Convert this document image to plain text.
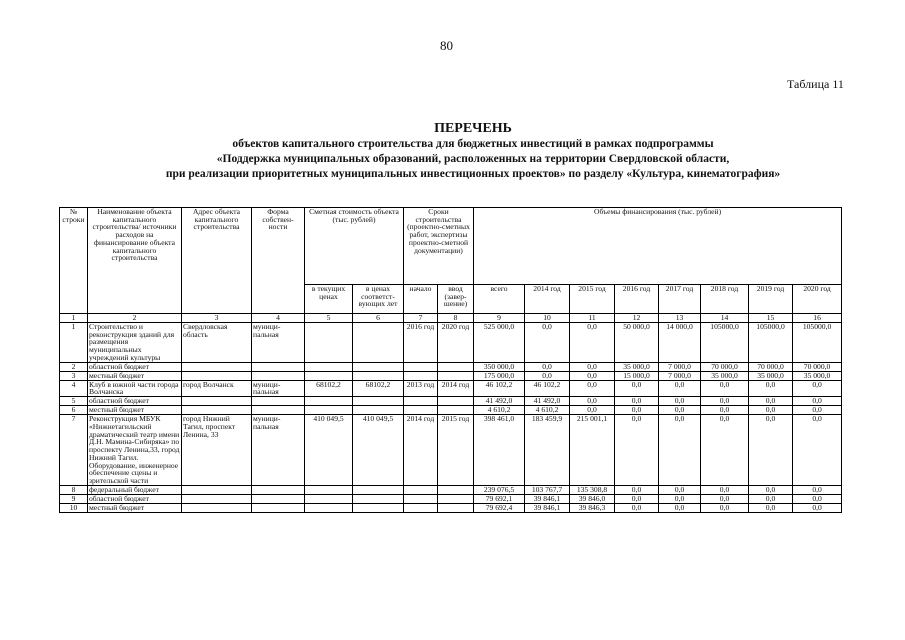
80
Таблица 11
ПЕРЕЧЕНЬ
объектов капитального строительства для бюджетных инвестиций в рамках подпрограммы
«Поддержка муниципальных образований, расположенных на территории Свердловской области,
при реализации приоритетных муниципальных инвестиционных проектов» по разделу «Культура, кинематография»
№ строки	Наименование объекта капитального строительства/ источники расходов на финансирование объекта капитального строительства	Адрес объекта капитального строительства	Форма собствен-ности	Сметная стоимость объекта (тыс. рублей)		Сроки строительства (проектно-сметных работ, экспертизы проектно-сметной документации)		Объемы финансирования (тыс. рублей)							
				в текущих ценах	в ценах соответст-вующих лет	начало	ввод (завер-шение)	всего	2014 год	2015 год	2016 год	2017 год	2018 год	2019 год	2020 год
1	2	3	4	5	6	7	8	9	10	11	12	13	14	15	16
1	Строительство и реконструкция зданий для размещения муниципальных учреждений культуры	Свердловская область	муници-пальная			2016 год	2020 год	525 000,0	0,0	0,0	50 000,0	14 000,0	105000,0	105000,0	105000,0
2	областной бюджет							350 000,0	0,0	0,0	35 000,0	7 000,0	70 000,0	70 000,0	70 000,0
3	местный бюджет							175 000,0	0,0	0,0	15 000,0	7 000,0	35 000,0	35 000,0	35 000,0
4	Клуб в южной части города Волчанска	город Волчанск	муници-пальная	68102,2	68102,2	2013 год	2014 год	46 102,2	46 102,2	0,0	0,0	0,0	0,0	0,0	0,0
5	областной бюджет							41 492,0	41 492,0	0,0	0,0	0,0	0,0	0,0	0,0
6	местный бюджет							4 610,2	4 610,2	0,0	0,0	0,0	0,0	0,0	0,0
7	Реконструкция МБУК «Нижнетагильский драматический театр имени Д.Н. Мамина-Сибиряка» по проспекту Ленина,33, город Нижний Тагил. Оборудование, инженерное обеспечение сцены и зрительской части	город Нижний Тагил, проспект Ленина, 33	муници-пальная	410 049,5	410 049,5	2014 год	2015 год	398 461,0	183 459,9	215 001,1	0,0	0,0	0,0	0,0	0,0
8	федеральный бюджет							239 076,5	103 767,7	135 308,8	0,0	0,0	0,0	0,0	0,0
9	областной бюджет							79 692,1	39 846,1	39 846,0	0,0	0,0	0,0	0,0	0,0
10	местный бюджет							79 692,4	39 846,1	39 846,3	0,0	0,0	0,0	0,0	0,0
